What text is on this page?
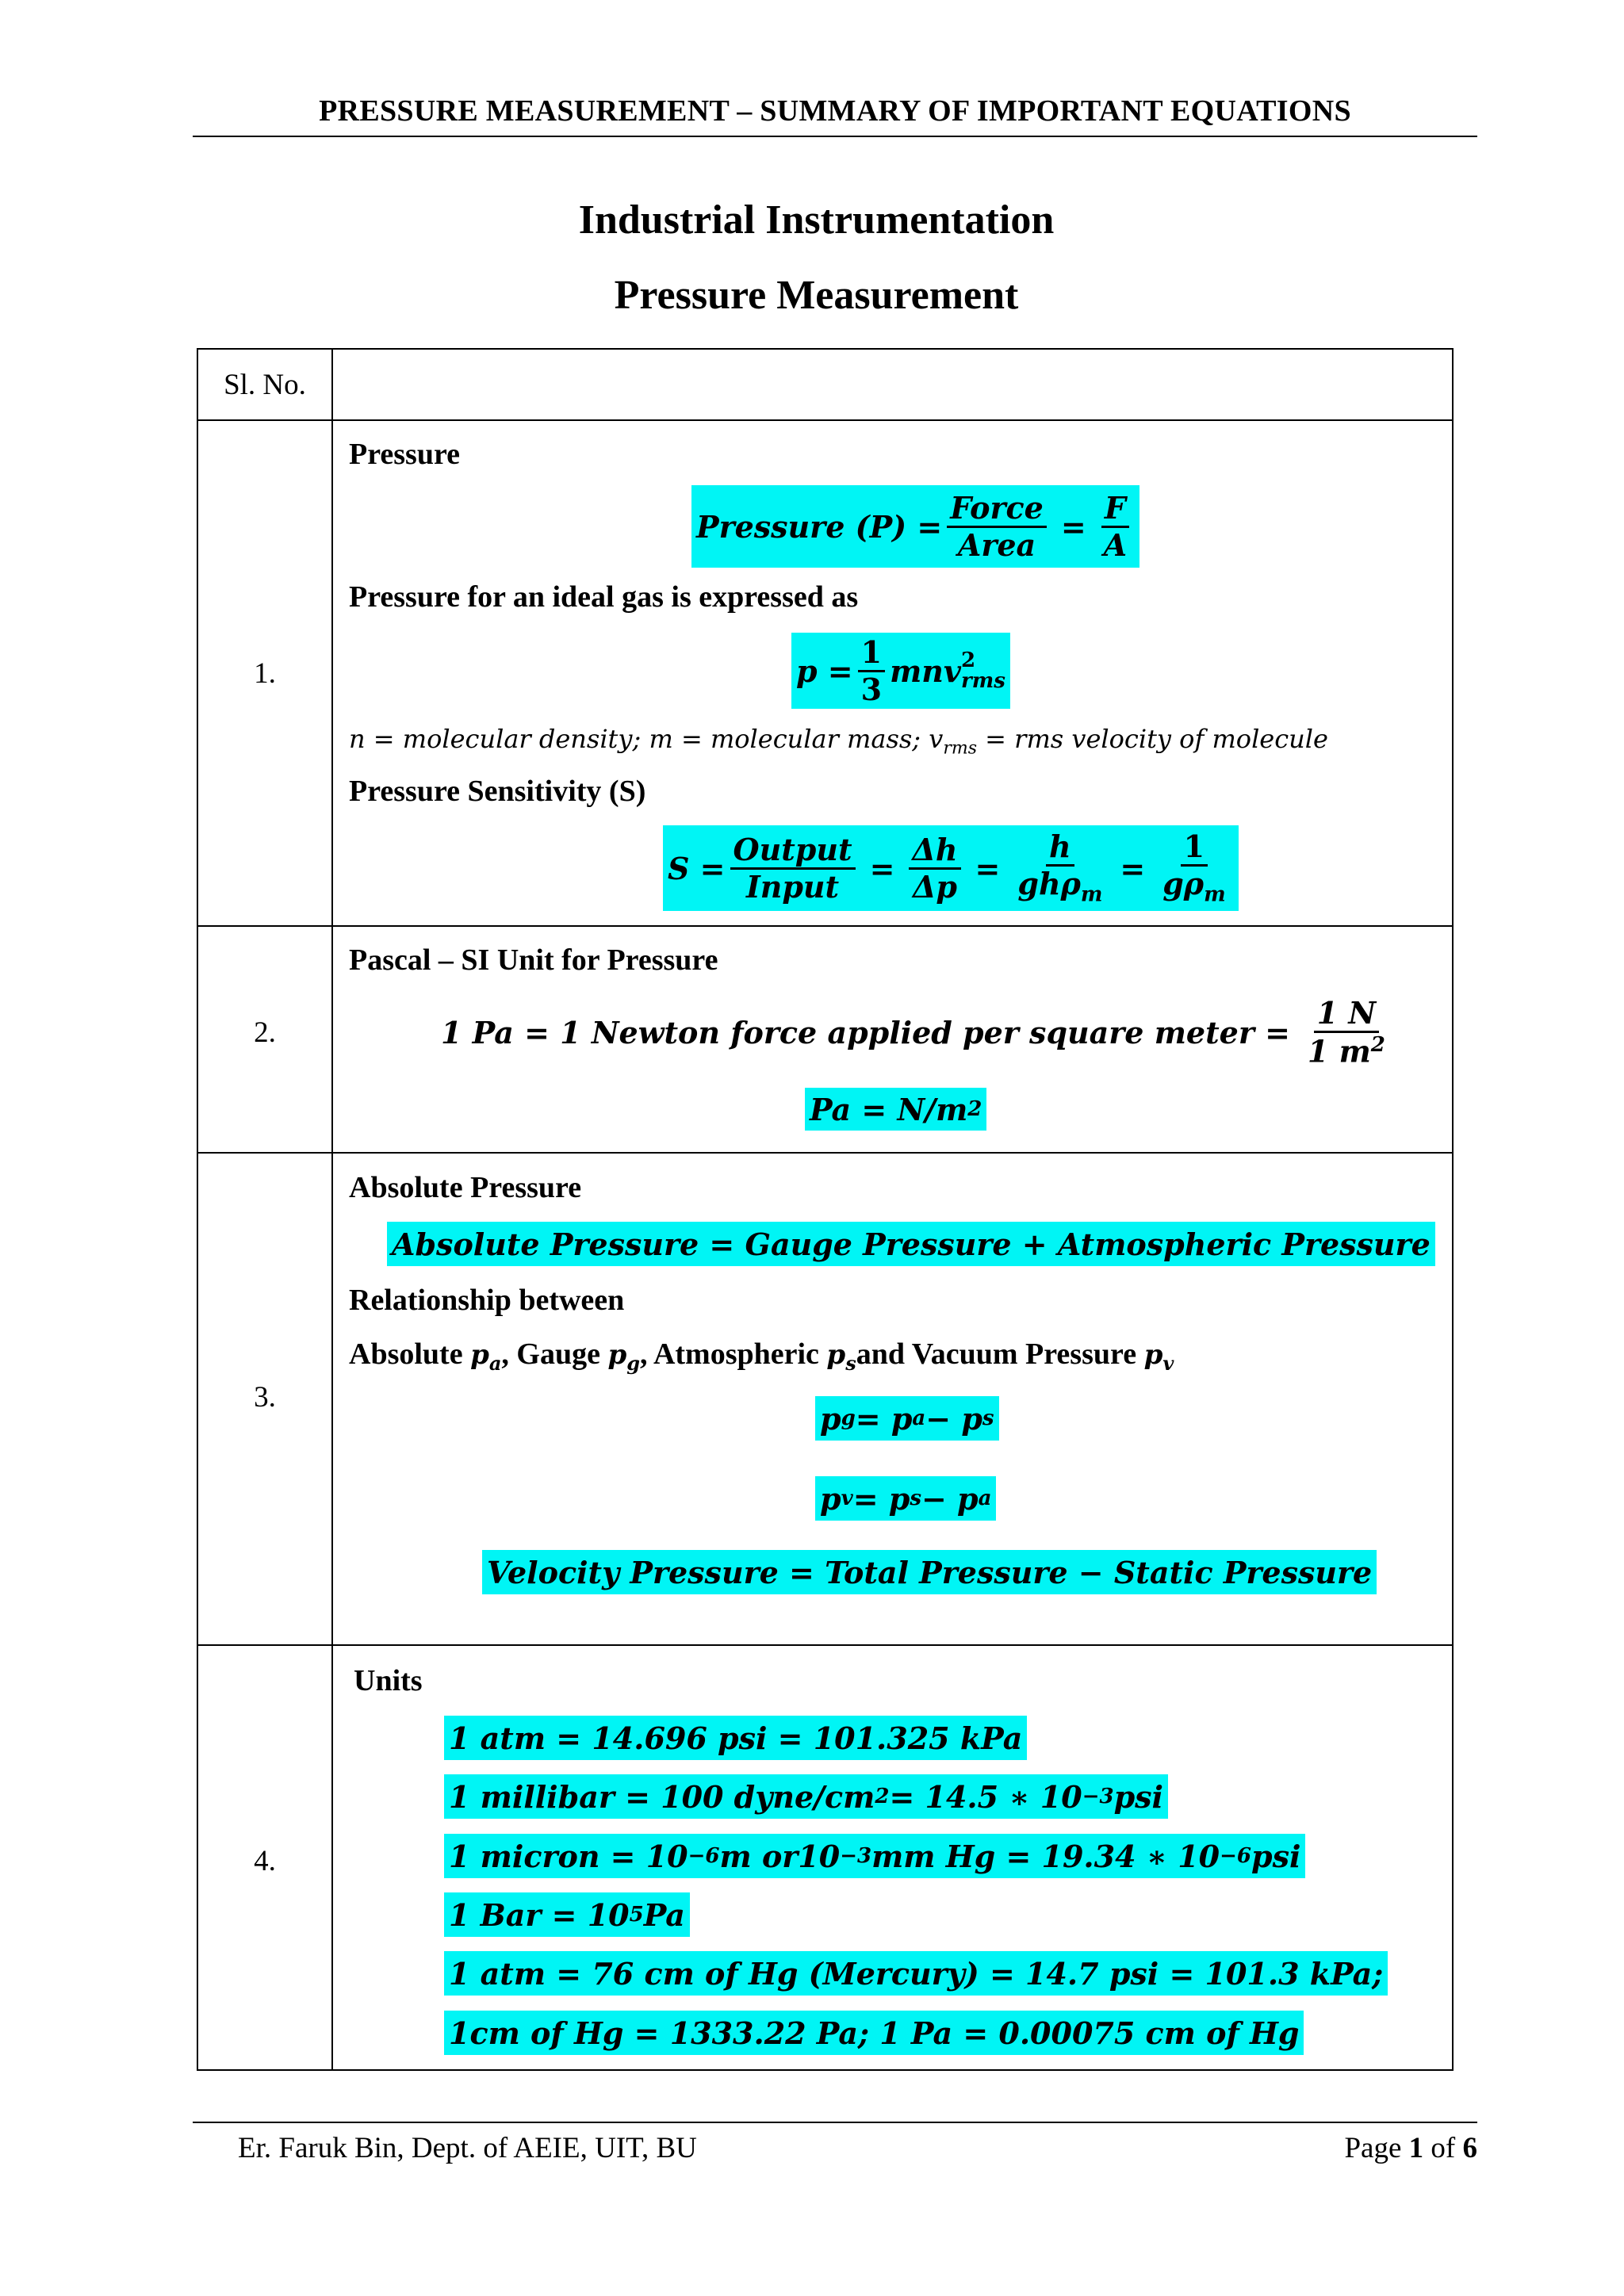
PRESSURE MEASUREMENT – SUMMARY OF IMPORTANT EQUATIONS
Industrial Instrumentation
Pressure Measurement
Sl. No.
1.
Pressure
Pressure $(P) = \frac{\text{Force}}{\text{Area}} = \frac{F}{A}$
Pressure for an ideal gas is expressed as
$p = \frac{1}{3}$ mnv 2
rms
n = molecular density; m = molecular mass; $v_{rms}$ = rms velocity of molecule
Pressure Sensitivity (S)
$S = \frac{\text{Output}}{\text{Input}} = \frac{\Delta h}{\Delta p} = \frac{h}{gh\rho_m} = \frac{1}{g\rho_m}$
2.
Pascal – SI Unit for Pressure
1 Pa = 1 Newton force applied per square meter = $\frac{1 N}{1 m^2}$
Pa = N/m 2
3.
Absolute Pressure
Absolute Pressure = Gauge Pressure + Atmospheric Pressure
Relationship between
Absolute $p_a$, Gauge $p_g$, Atmospheric $p_sand$ Vacuum Pressure $p_v$
p g = p a − p s
p v = p s − p a
Velocity Pressure = Total Pressure − Static Pressure
4.
Units
1 atm = 14.696 psi = 101.325 kPa
1 millibar = 100 dyne/cm 2 = 14.5 ∗ 10 −3 psi
1 micron = 10 −6 m or10 −3 mm Hg = 19.34 ∗ 10 −6 psi
1 Bar = 10 5 Pa
1 atm = 76 cm of Hg (Mercury) = 14.7 psi = 101.3 kPa;
1cm of Hg = 1333.22 Pa; 1 Pa = 0.00075 cm of Hg
Er. Faruk Bin, Dept. of AEIE, UIT, BU	Page 1 of 6
